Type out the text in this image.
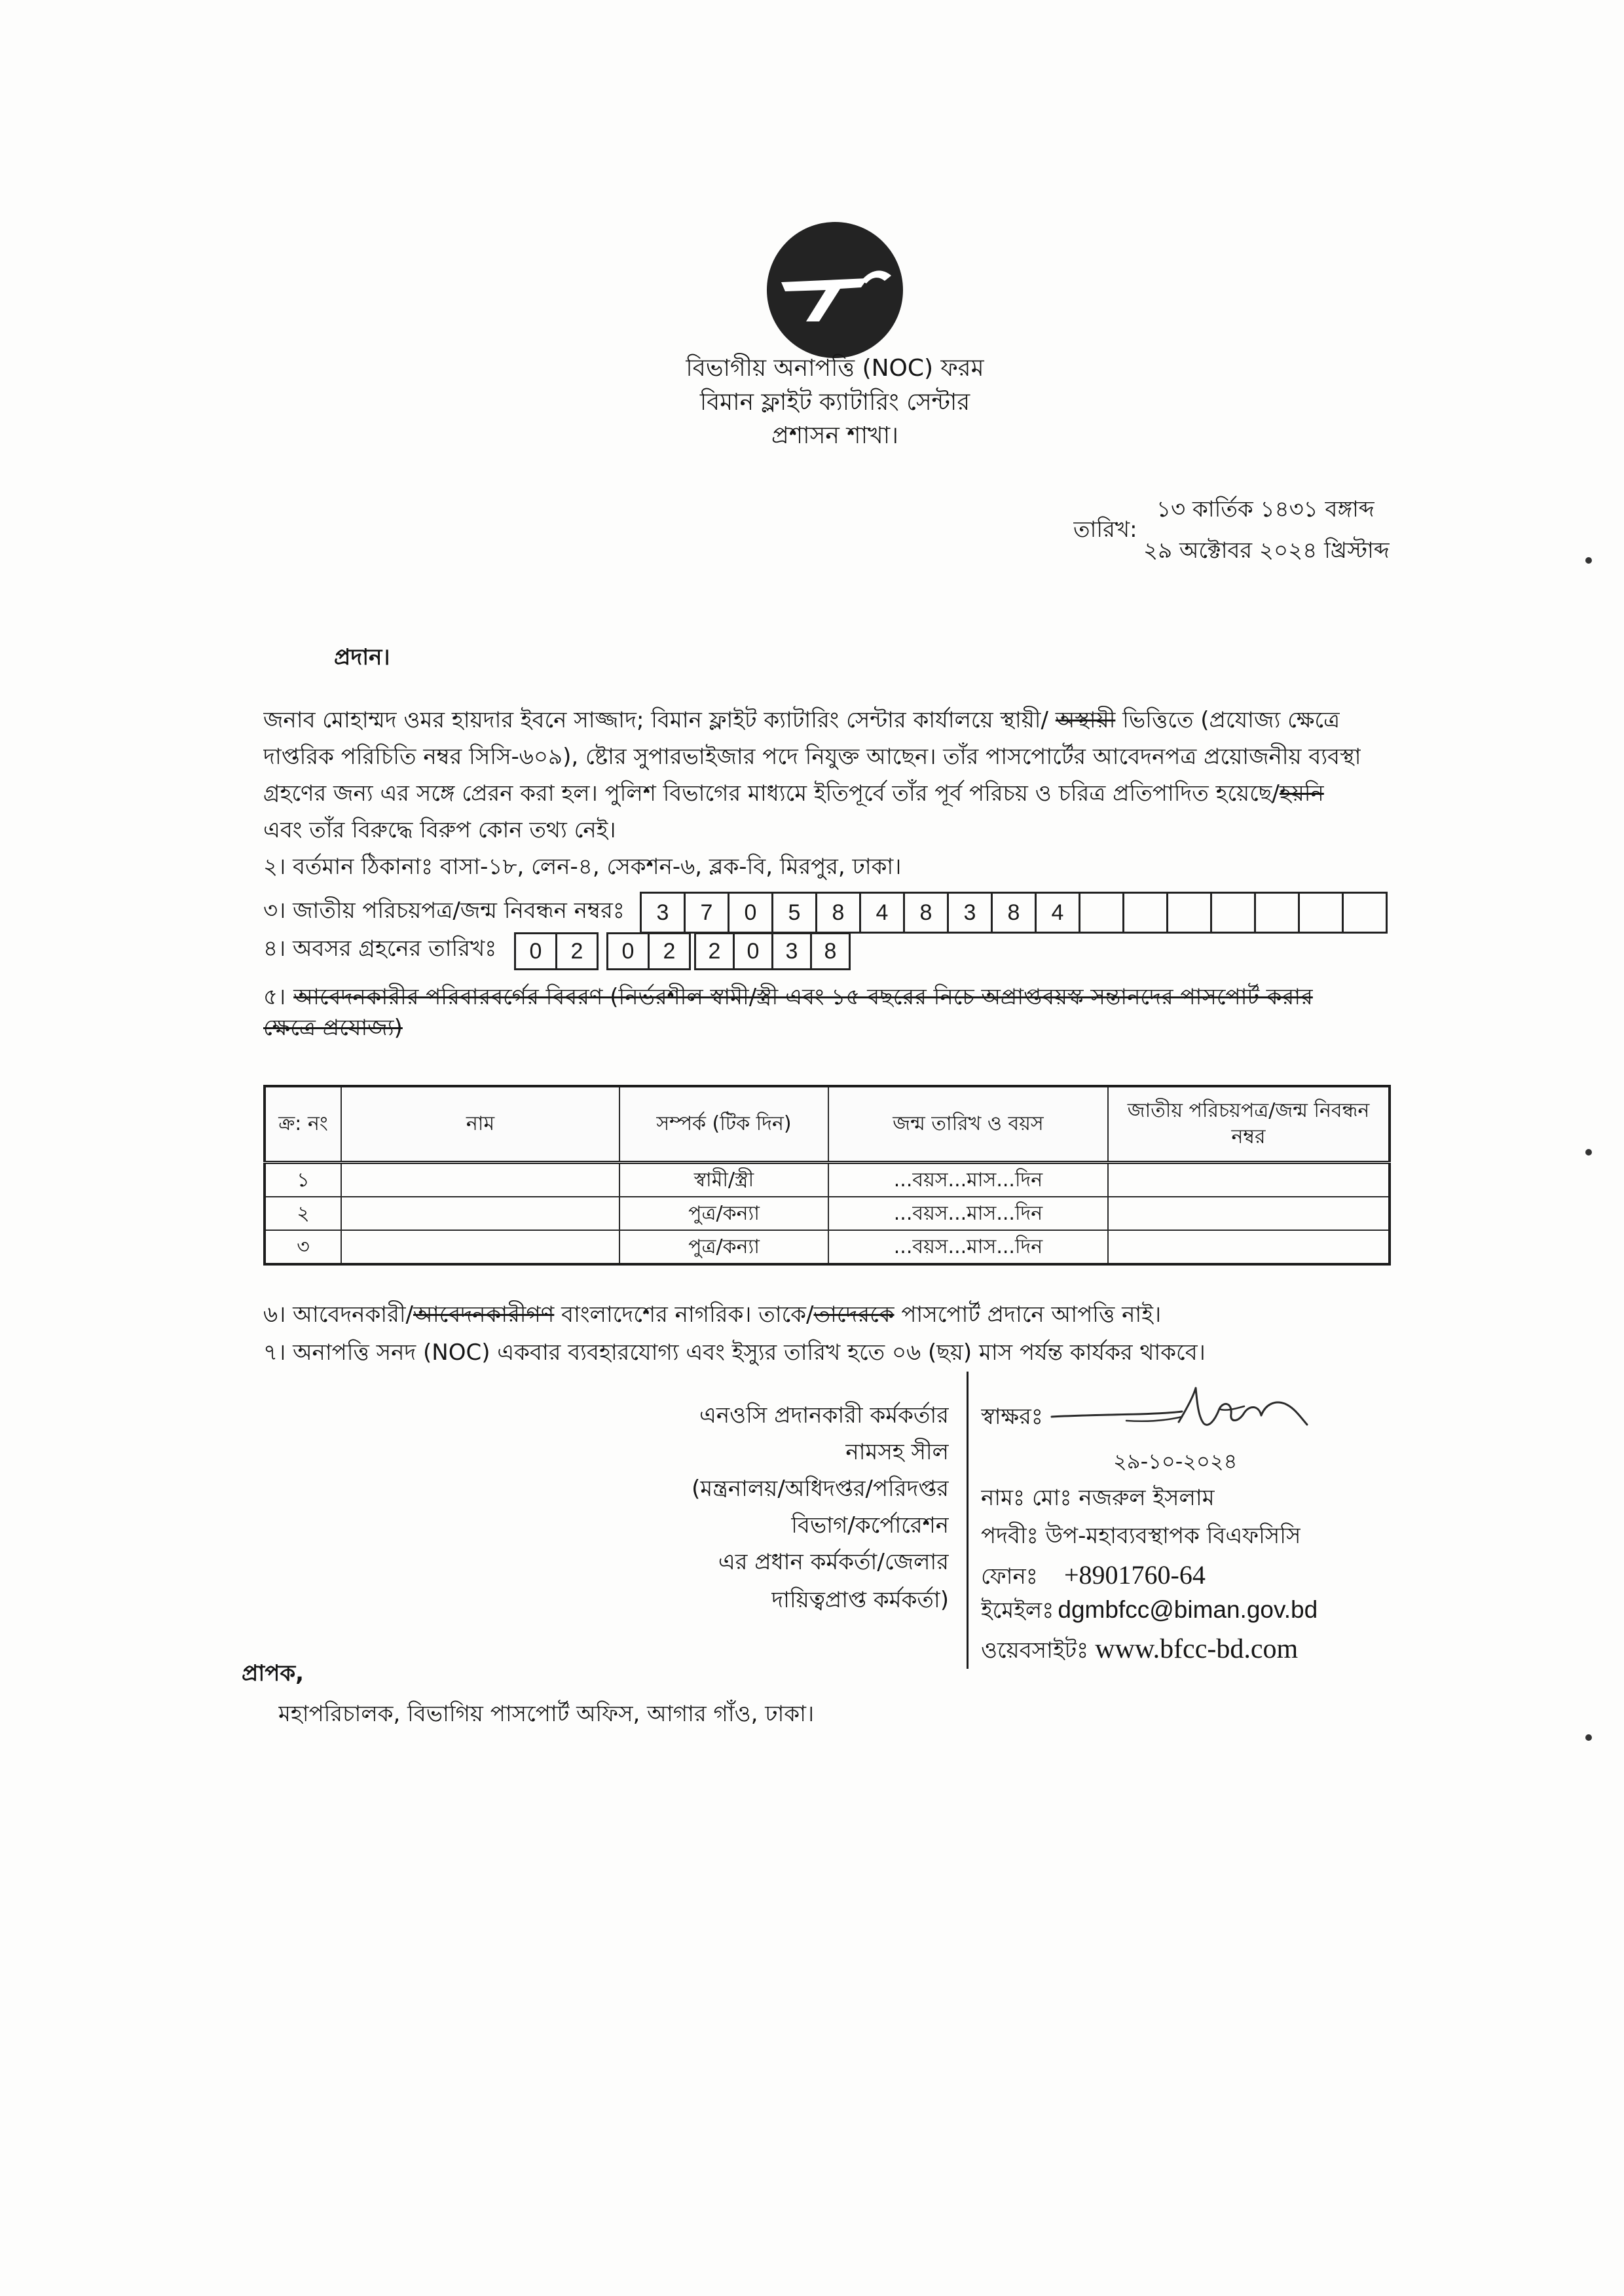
বিভাগীয় অনাপত্তি (NOC) ফরম
বিমান ফ্লাইট ক্যাটারিং সেন্টার
প্রশাসন শাখা।
১৩ কার্তিক ১৪৩১ বঙ্গাব্দ
তারিখ:
২৯ অক্টোবর ২০২৪ খ্রিস্টাব্দ

প্রদান।
জনাব মোহাম্মদ ওমর হায়দার ইবনে সাজ্জাদ; বিমান ফ্লাইট ক্যাটারিং সেন্টার কার্যালয়ে স্থায়ী/ অস্থায়ী ভিত্তিতে (প্রযোজ্য ক্ষেত্রে
দাপ্তরিক পরিচিতি নম্বর সিসি-৬০৯), ষ্টোর সুপারভাইজার পদে নিযুক্ত আছেন। তাঁর পাসপোর্টের আবেদনপত্র প্রয়োজনীয় ব্যবস্থা
গ্রহণের জন্য এর সঙ্গে প্রেরন করা হল। পুলিশ বিভাগের মাধ্যমে ইতিপূর্বে তাঁর পূর্ব পরিচয় ও চরিত্র প্রতিপাদিত হয়েছে/হয়নি
এবং তাঁর বিরুদ্ধে বিরুপ কোন তথ্য নেই।
২। বর্তমান ঠিকানাঃ বাসা-১৮, লেন-৪, সেকশন-৬, ব্লক-বি, মিরপুর, ঢাকা।
৩। জাতীয় পরিচয়পত্র/জন্ম নিবন্ধন নম্বরঃ	3	7	0	5	8	4	8	3	8	4
৪। অবসর গ্রহনের তারিখঃ	0	2	0	2	2	0	3	8
৫। আবেদনকারীর পরিবারবর্গের বিবরণ (নির্ভরশীল স্বামী/স্ত্রী এবং ১৫ বছরের নিচে অপ্রাপ্তবয়স্ক সন্তানদের পাসপোর্ট করার
ক্ষেত্রে প্রযোজ্য)
ক্র: নং	নাম	সম্পর্ক (টিক দিন)	জন্ম তারিখ ও বয়স	জাতীয় পরিচয়পত্র/জন্ম নিবন্ধন নম্বর
১		স্বামী/স্ত্রী	...বয়স...মাস...দিন	
২		পুত্র/কন্যা	...বয়স...মাস...দিন	
৩		পুত্র/কন্যা	...বয়স...মাস...দিন	
৬। আবেদনকারী/আবেদনকারীগণ বাংলাদেশের নাগরিক। তাকে/তাদেরকে পাসপোর্ট প্রদানে আপত্তি নাই।
৭। অনাপত্তি সনদ (NOC) একবার ব্যবহারযোগ্য এবং ইস্যুর তারিখ হতে ০৬ (ছয়) মাস পর্যন্ত কার্যকর থাকবে।
এনওসি প্রদানকারী কর্মকর্তার
নামসহ সীল
(মন্ত্রনালয়/অধিদপ্তর/পরিদপ্তর
বিভাগ/কর্পোরেশন
এর প্রধান কর্মকর্তা/জেলার
দায়িত্বপ্রাপ্ত কর্মকর্তা)
স্বাক্ষরঃ
২৯-১০-২০২৪
নামঃ মোঃ নজরুল ইসলাম
পদবীঃ উপ-মহাব্যবস্থাপক বিএফসিসি
ফোনঃ +8901760-64
ইমেইলঃ dgmbfcc@biman.gov.bd
ওয়েবসাইটঃ www.bfcc-bd.com
প্রাপক,
মহাপরিচালক, বিভাগিয় পাসপোর্ট অফিস, আগার গাঁও, ঢাকা।
